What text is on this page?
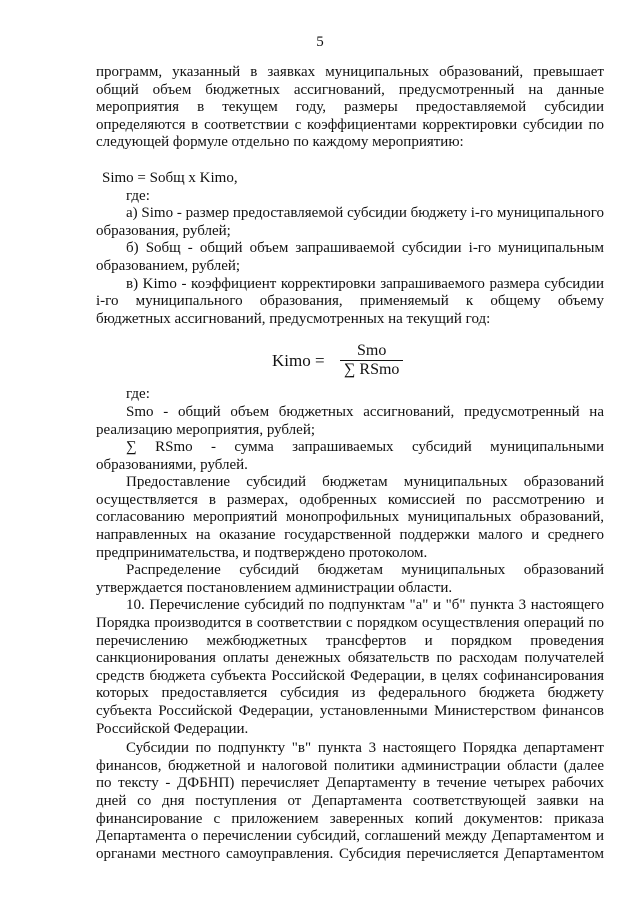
5

программ, указанный в заявках муниципальных образований, превышает

общий объем бюджетных ассигнований, предусмотренный на данные

мероприятия в текущем году, размеры предоставляемой субсидии

определяются в соответствии с коэффициентами корректировки субсидии по

следующей формуле отдельно по каждому мероприятию:

Simo = Sобщ x Kimo,

где:

а) Simo - размер предоставляемой субсидии бюджету i-го муниципального

образования, рублей;

б) Sобщ - общий объем запрашиваемой субсидии i-го муниципальным

образованием, рублей;

в) Kimo - коэффициент корректировки запрашиваемого размера субсидии

i-го муниципального образования, применяемый к общему объему

бюджетных ассигнований, предусмотренных на текущий год:

Kimo =
Smo
∑ RSmo

где:

Smo - общий объем бюджетных ассигнований, предусмотренный на

реализацию мероприятия, рублей;

∑ RSmo - сумма запрашиваемых субсидий муниципальными

образованиями, рублей.

Предоставление субсидий бюджетам муниципальных образований

осуществляется в размерах, одобренных комиссией по рассмотрению и

согласованию мероприятий монопрофильных муниципальных образований,

направленных на оказание государственной поддержки малого и среднего

предпринимательства, и подтверждено протоколом.

Распределение субсидий бюджетам муниципальных образований

утверждается постановлением администрации области.

10. Перечисление субсидий по подпунктам "а" и "б" пункта 3 настоящего

Порядка производится в соответствии с порядком осуществления операций по

перечислению межбюджетных трансфертов и порядком проведения

санкционирования оплаты денежных обязательств по расходам получателей

средств бюджета субъекта Российской Федерации, в целях софинансирования

которых предоставляется субсидия из федерального бюджета бюджету

субъекта Российской Федерации, установленными Министерством финансов

Российской Федерации.

Субсидии по подпункту "в" пункта 3 настоящего Порядка департамент

финансов, бюджетной и налоговой политики администрации области (далее

по тексту - ДФБНП) перечисляет Департаменту в течение четырех рабочих

дней со дня поступления от Департамента соответствующей заявки на

финансирование с приложением заверенных копий документов: приказа

Департамента о перечислении субсидий, соглашений между Департаментом и

органами местного самоуправления. Субсидия перечисляется Департаментом
